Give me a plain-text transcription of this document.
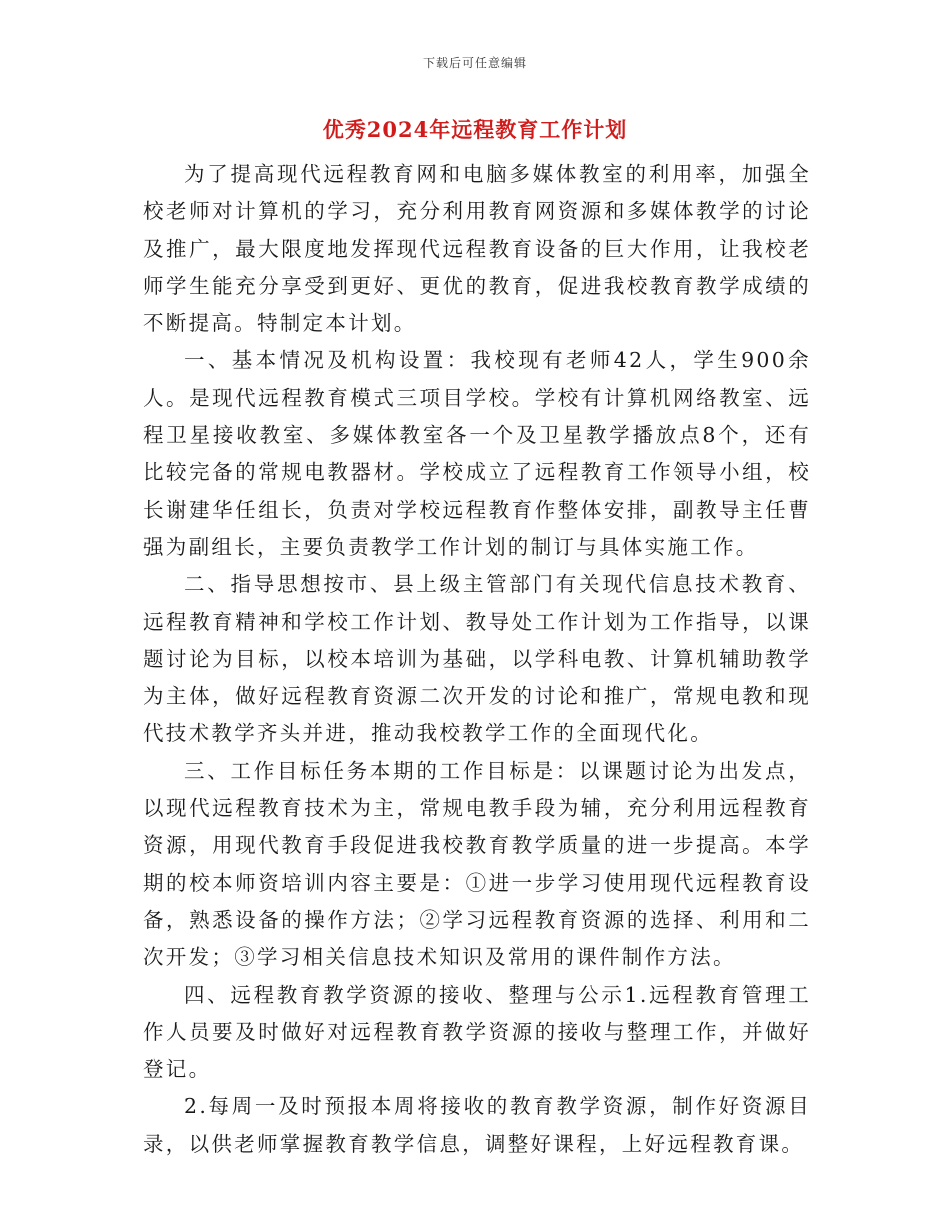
下载后可任意编辑
优秀2024年远程教育工作计划

为了提高现代远程教育网和电脑多媒体教室的利用率，加强全校老师对计算机的学习，充分利用教育网资源和多媒体教学的讨论及推广，最大限度地发挥现代远程教育设备的巨大作用，让我校老师学生能充分享受到更好、更优的教育，促进我校教育教学成绩的不断提高。特制定本计划。

一、基本情况及机构设置：我校现有老师42人，学生900余人。是现代远程教育模式三项目学校。学校有计算机网络教室、远程卫星接收教室、多媒体教室各一个及卫星教学播放点8个，还有比较完备的常规电教器材。学校成立了远程教育工作领导小组，校长谢建华任组长，负责对学校远程教育作整体安排，副教导主任曹强为副组长，主要负责教学工作计划的制订与具体实施工作。

二、指导思想按市、县上级主管部门有关现代信息技术教育、远程教育精神和学校工作计划、教导处工作计划为工作指导，以课题讨论为目标，以校本培训为基础，以学科电教、计算机辅助教学为主体，做好远程教育资源二次开发的讨论和推广，常规电教和现代技术教学齐头并进，推动我校教学工作的全面现代化。

三、工作目标任务本期的工作目标是：以课题讨论为出发点，以现代远程教育技术为主，常规电教手段为辅，充分利用远程教育资源，用现代教育手段促进我校教育教学质量的进一步提高。本学期的校本师资培训内容主要是：①进一步学习使用现代远程教育设备，熟悉设备的操作方法；②学习远程教育资源的选择、利用和二次开发；③学习相关信息技术知识及常用的课件制作方法。

四、远程教育教学资源的接收、整理与公示1.远程教育管理工作人员要及时做好对远程教育教学资源的接收与整理工作，并做好登记。

2.每周一及时预报本周将接收的教育教学资源，制作好资源目录，以供老师掌握教育教学信息，调整好课程，上好远程教育课。
